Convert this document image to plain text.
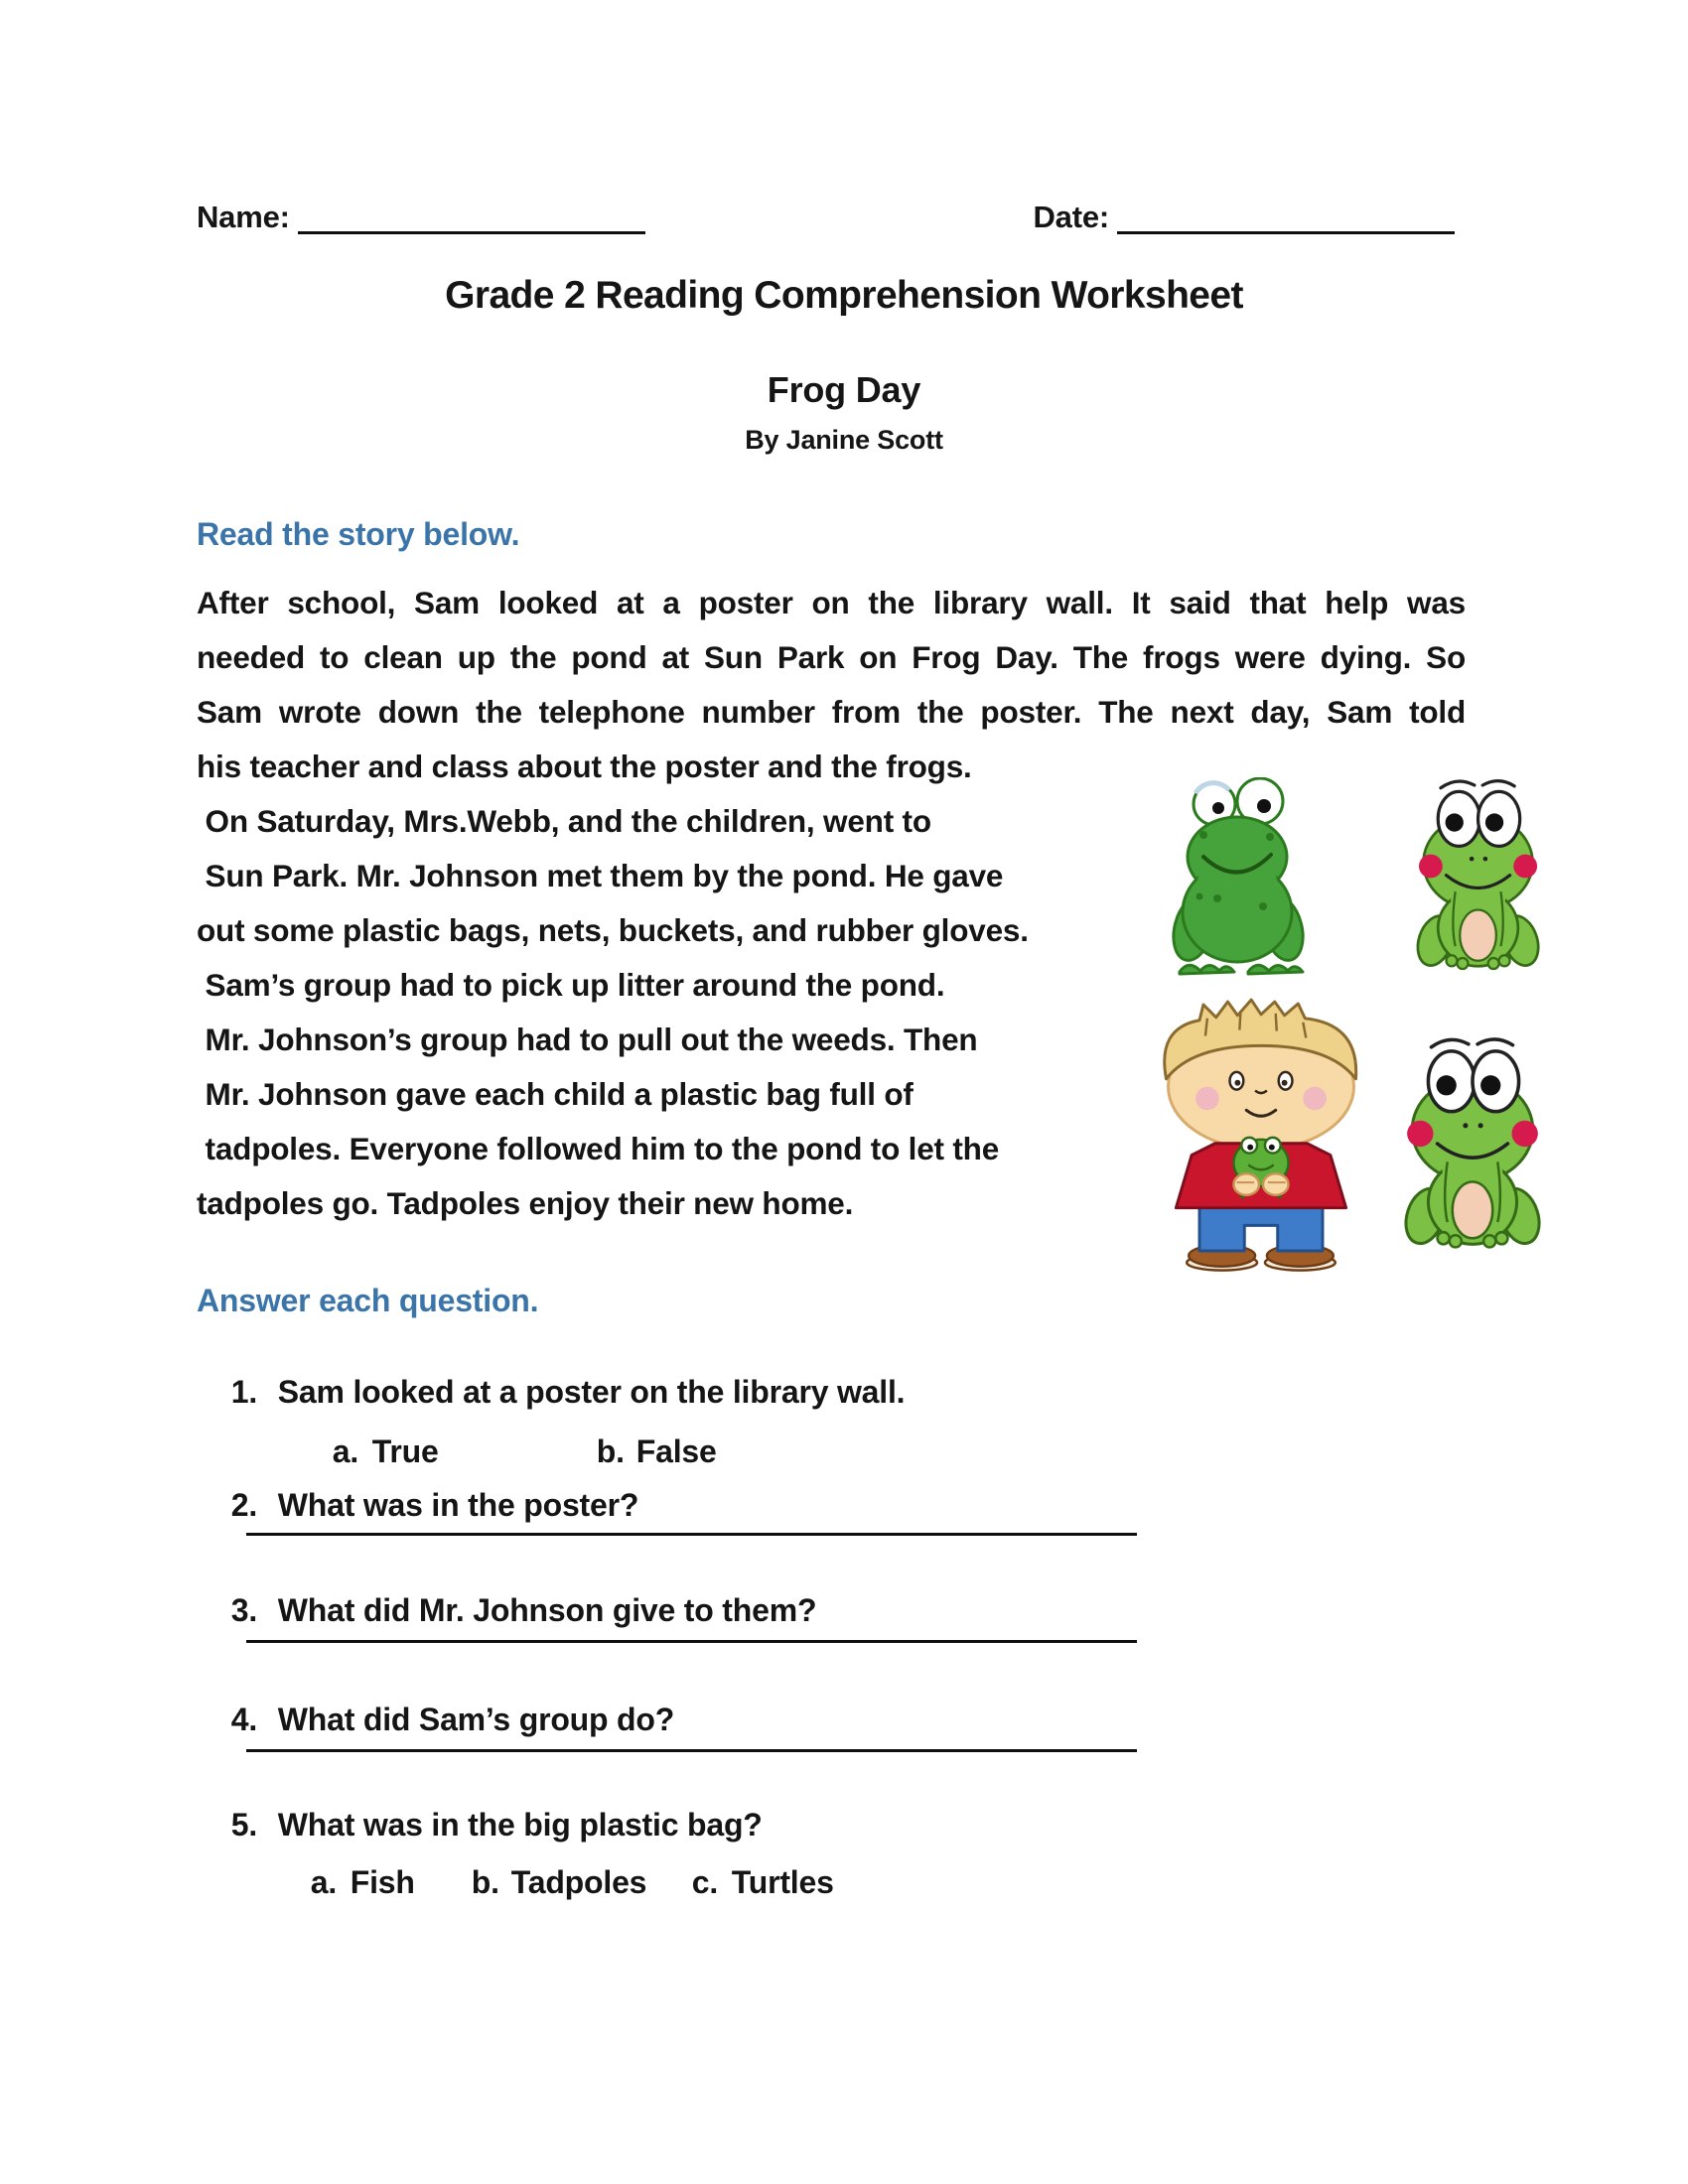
Name:	Date:
Grade 2 Reading Comprehension Worksheet
Frog Day
By Janine Scott
Read the story below.
After school, Sam looked at a poster on the library wall. It said that help was
needed to clean up the pond at Sun Park on Frog Day. The frogs were dying. So
Sam wrote down the telephone number from the poster. The next day, Sam told
his teacher and class about the poster and the frogs.
On Saturday, Mrs.Webb, and the children, went to
Sun Park. Mr. Johnson met them by the pond. He gave
out some plastic bags, nets, buckets, and rubber gloves.
Sam’s group had to pick up litter around the pond.
Mr. Johnson’s group had to pull out the weeds. Then
Mr. Johnson gave each child a plastic bag full of
tadpoles. Everyone followed him to the pond to let the
tadpoles go. Tadpoles enjoy their new home.
Answer each question.

1. Sam looked at a poster on the library wall.

a. True
	b. False

2. What was in the poster?

3. What did Mr. Johnson give to them?

4. What did Sam’s group do?

5. What was in the big plastic bag?

a. Fish
	b. Tadpoles
	c. Turtles
